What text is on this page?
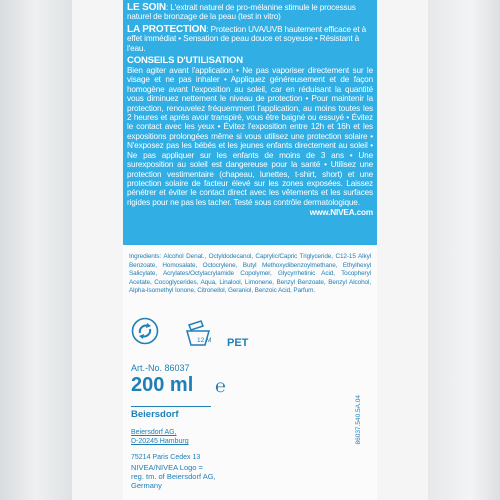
LE SOIN: L'extrait naturel de pro-mélanine stimule le processus naturel de bronzage de la peau (test in vitro)

LA PROTECTION: Protection UVA/UVB hautement efficace et à effet immédiat • Sensation de peau douce et soyeuse • Résistant à l'eau.

CONSEILS D'UTILISATION

Bien agiter avant l'application • Ne pas vaporiser directement sur le visage et ne pas inhaler • Appliquez généreusement et de façon homogène avant l'exposition au soleil, car en réduisant la quantité vous diminuez nettement le niveau de protection • Pour maintenir la protection, renouvelez fréquemment l'application, au moins toutes les 2 heures et après avoir transpiré, vous être baigné ou essuyé • Évitez le contact avec les yeux • Évitez l'exposition entre 12h et 16h et les expositions prolongées même si vous utilisez une protection solaire • N'exposez pas les bébés et les jeunes enfants directement au soleil • Ne pas appliquer sur les enfants de moins de 3 ans • Une surexposition au soleil est dangereuse pour la santé • Utilisez une protection vestimentaire (chapeau, lunettes, t-shirt, short) et une protection solaire de facteur élevé sur les zones exposées. Laissez pénétrer et éviter le contact direct avec les vêtements et les surfaces rigides pour ne pas les tacher. Testé sous contrôle dermatologique.

www.NIVEA.com

Ingredients: Alcohol Denat., Octyldodecanol, Caprylic/Capric Triglyceride, C12-15 Alkyl Benzoate, Homosalate, Octocrylene, Butyl Methoxydibenzoylmethane, Ethylhexyl Salicylate, Acrylates/Octylacrylamide Copolymer, Glycyrrhetinic Acid, Tocopheryl Acetate, Cocoglycerides, Aqua, Linalool, Limonene, Benzyl Benzoate, Benzyl Alcohol, Alpha-Isomethyl Ionone, Citronellol, Geraniol, Benzoic Acid, Parfum.

12 M PET
Art.-No. 86037
200 ml ℮
Beiersdorf
Beiersdorf AG,
D-20245 Hamburg
75214 Paris Cedex 13
NIVEA/NIVEA Logo =
reg. tm. of Beiersdorf AG,
Germany
86037.540.5A.04
